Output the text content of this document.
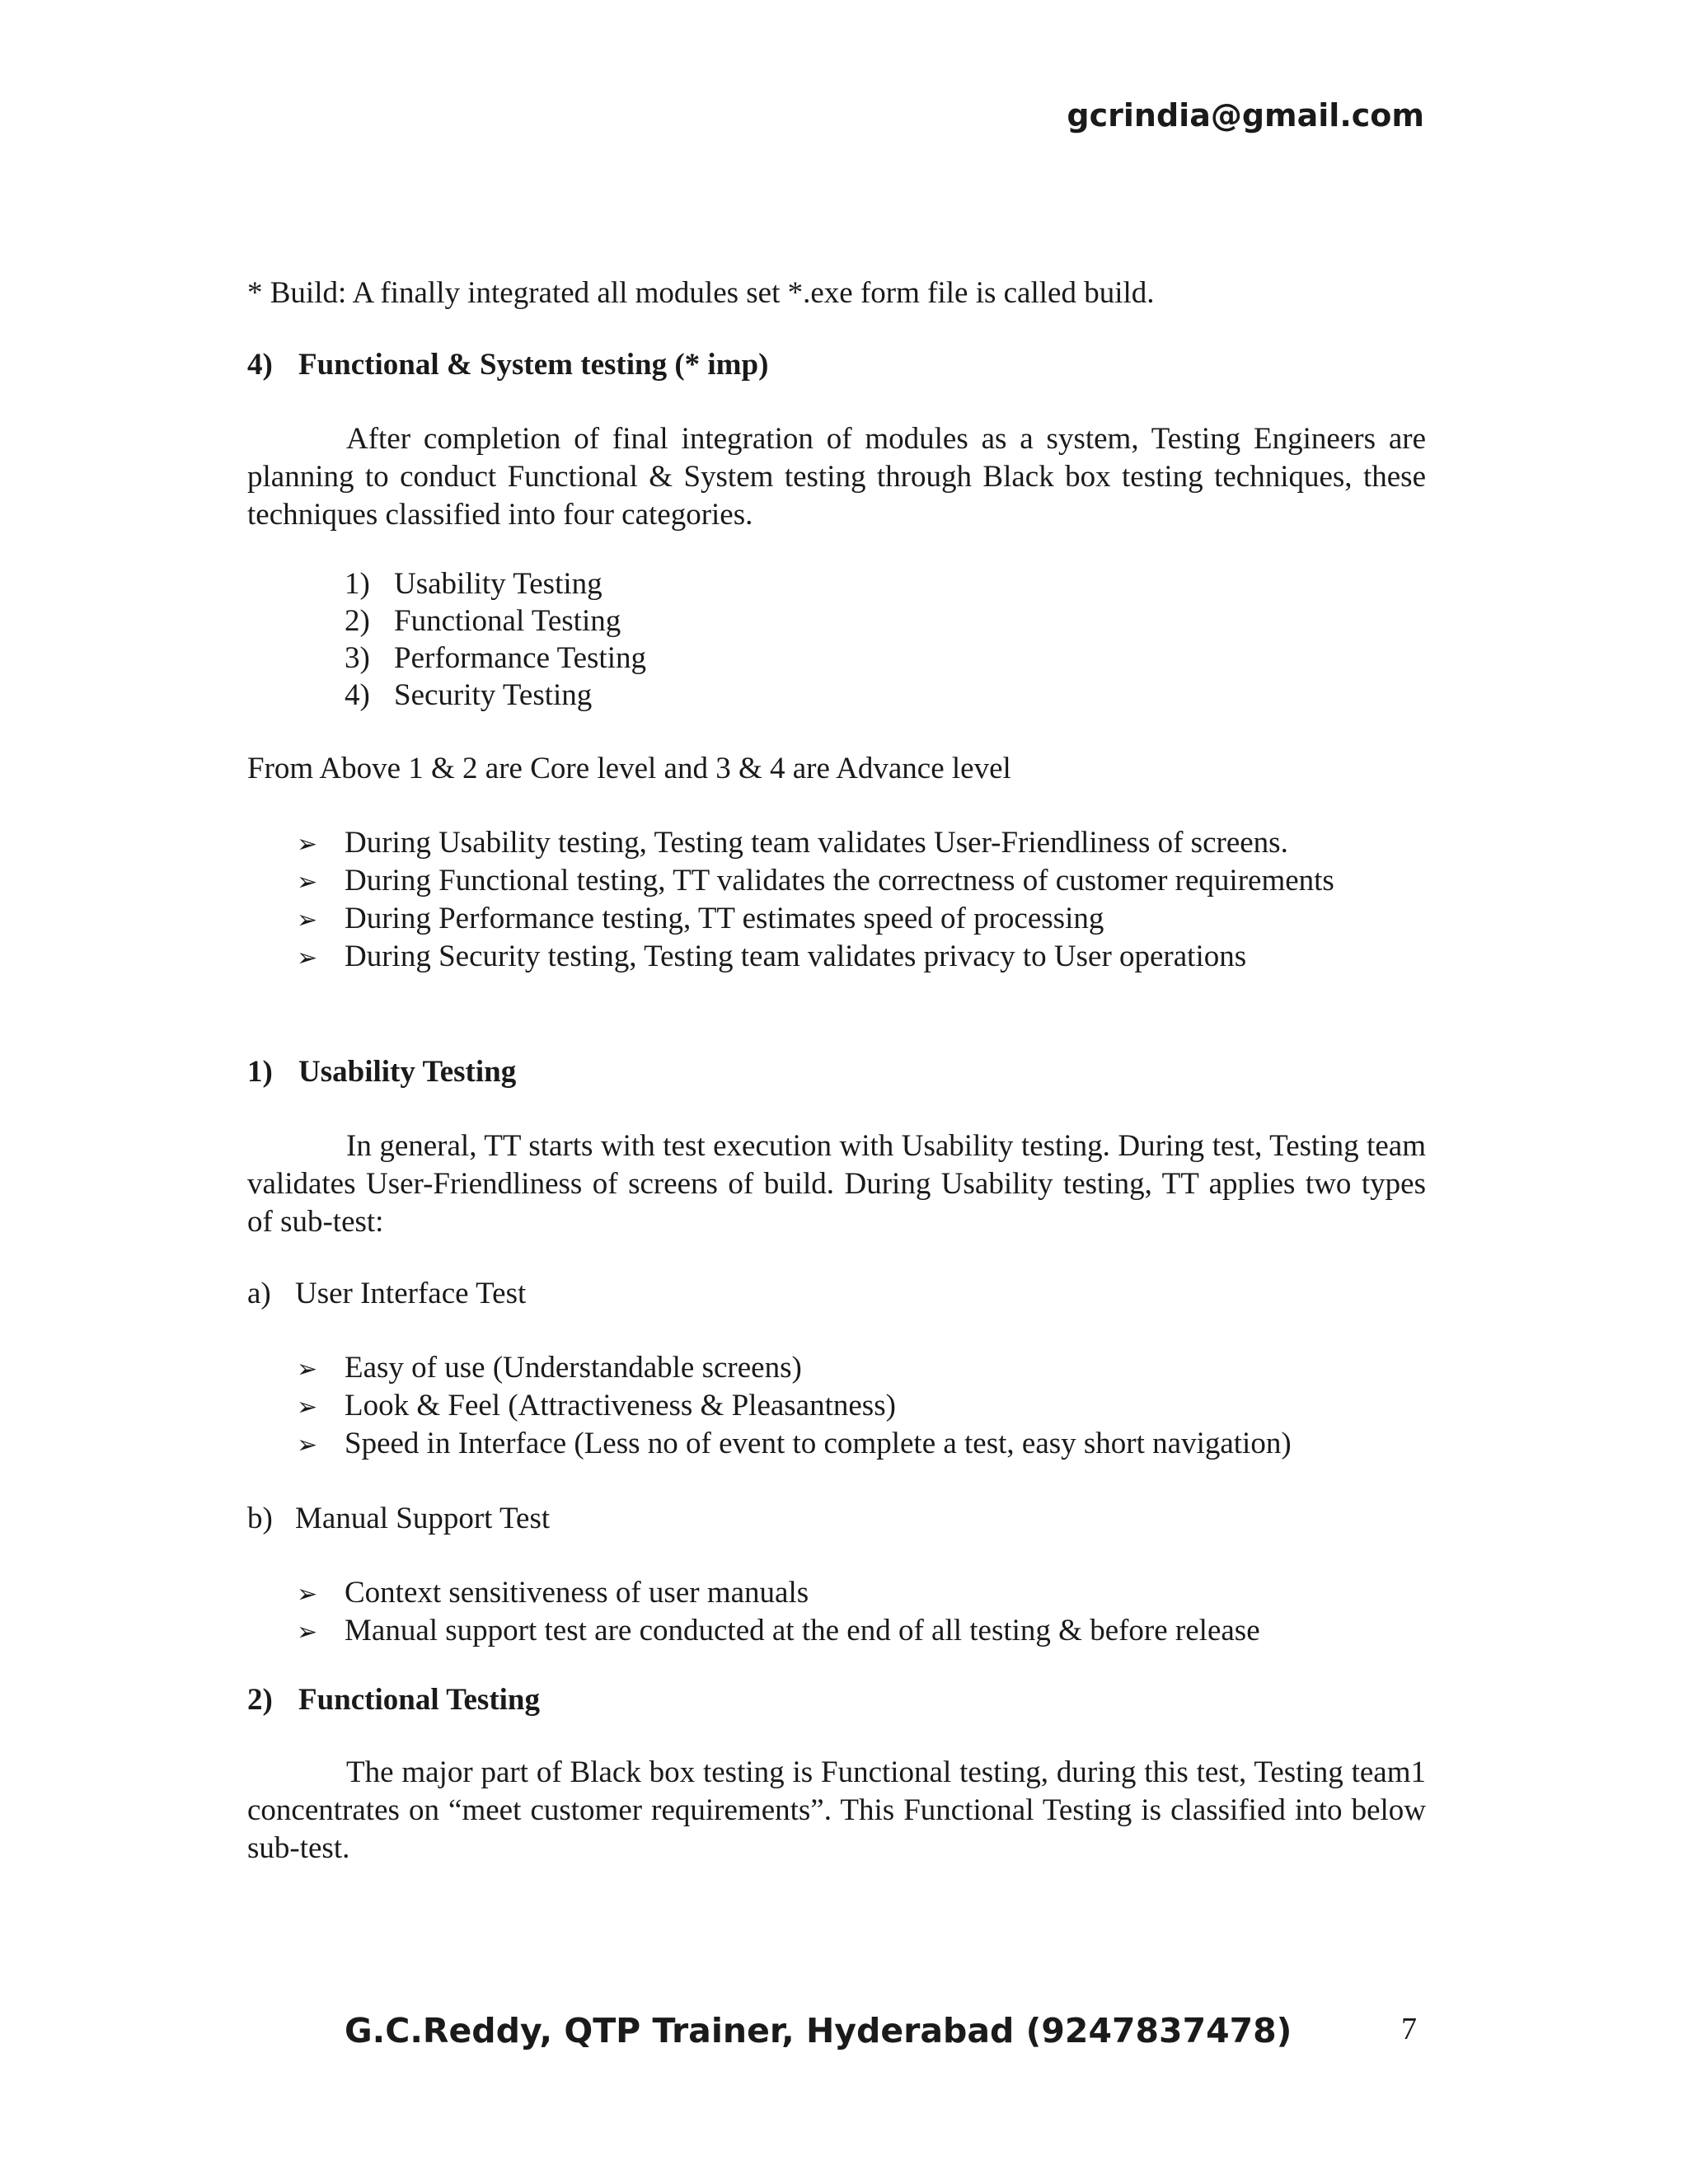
gcrindia@gmail.com
* Build: A finally integrated all modules set *.exe form file is called build.
4) Functional & System testing (* imp)
After completion of final integration of modules as a system, Testing Engineers are planning to conduct Functional & System testing through Black box testing techniques, these techniques classified into four categories.
1) Usability Testing
2) Functional Testing
3) Performance Testing
4) Security Testing
From Above 1 & 2 are Core level and 3 & 4 are Advance level
➢ During Usability testing, Testing team validates User-Friendliness of screens.
➢ During Functional testing, TT validates the correctness of customer requirements
➢ During Performance testing, TT estimates speed of processing
➢ During Security testing, Testing team validates privacy to User operations
1) Usability Testing
In general, TT starts with test execution with Usability testing. During test, Testing team validates User-Friendliness of screens of build. During Usability testing, TT applies two types of sub-test:
a) User Interface Test
➢ Easy of use (Understandable screens)
➢ Look & Feel (Attractiveness & Pleasantness)
➢ Speed in Interface (Less no of event to complete a test, easy short navigation)
b) Manual Support Test
➢ Context sensitiveness of user manuals
➢ Manual support test are conducted at the end of all testing & before release
2) Functional Testing
The major part of Black box testing is Functional testing, during this test, Testing team1 concentrates on “meet customer requirements”. This Functional Testing is classified into below sub-test.
G.C.Reddy, QTP Trainer, Hyderabad (9247837478)	7
